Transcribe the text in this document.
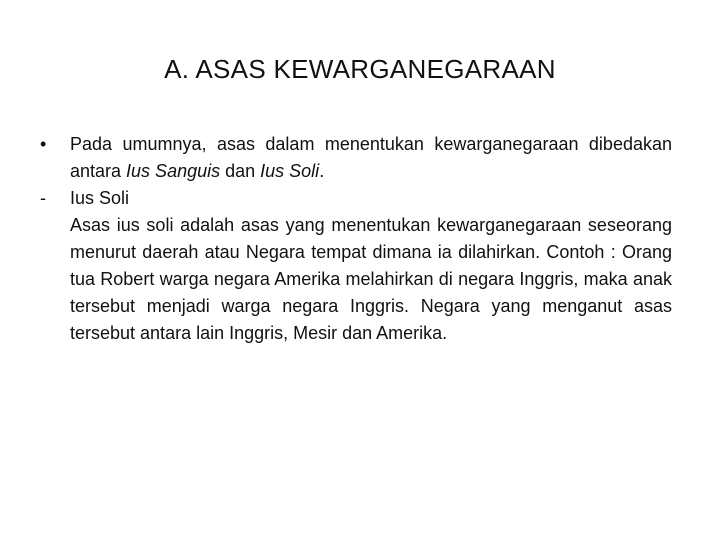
A. ASAS KEWARGANEGARAAN
•	Pada umumnya, asas dalam menentukan kewarganegaraan dibedakan antara Ius Sanguis dan Ius Soli.
-	Ius Soli
Asas ius soli adalah asas yang menentukan kewarganegaraan seseorang menurut daerah atau Negara tempat dimana ia dilahirkan. Contoh : Orang tua Robert warga negara Amerika melahirkan di negara Inggris, maka anak tersebut menjadi warga negara Inggris. Negara yang menganut asas tersebut antara lain Inggris, Mesir dan Amerika.
